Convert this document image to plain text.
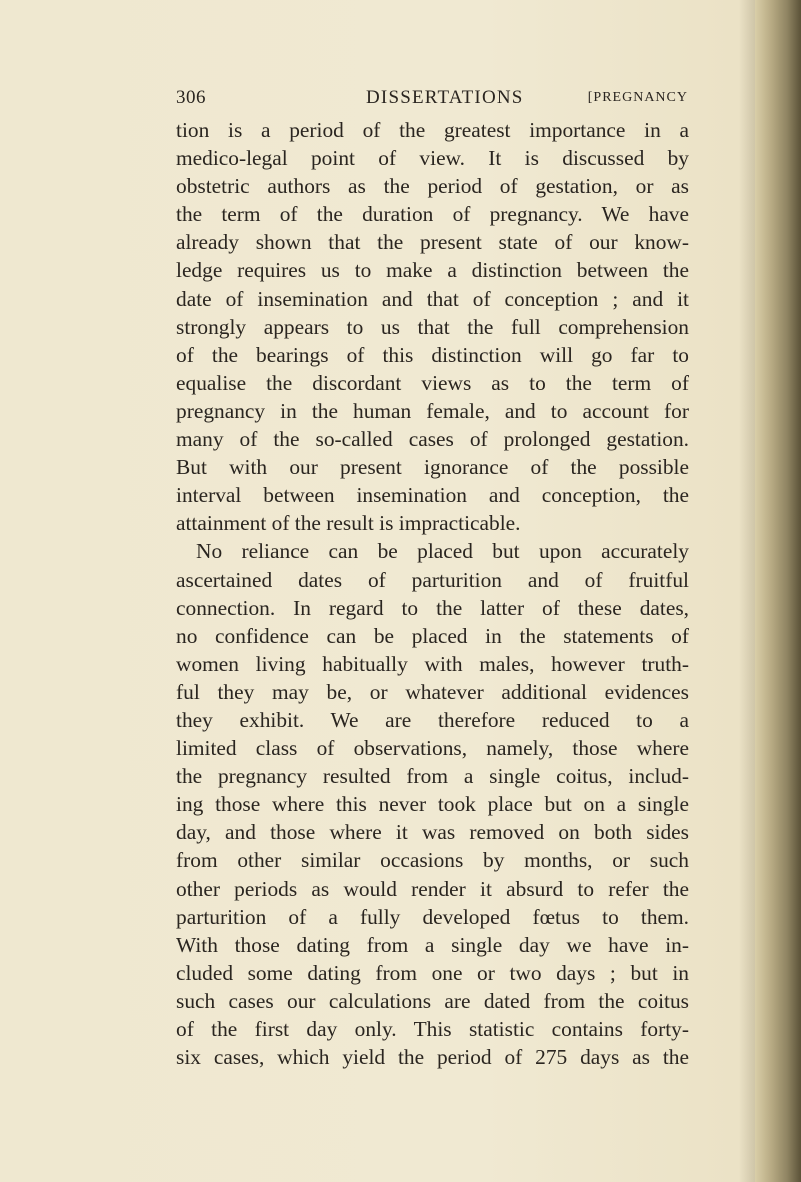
306	DISSERTATIONS	[PREGNANCY
tion is a period of the greatest importance in a
medico-legal point of view. It is discussed by
obstetric authors as the period of gestation, or as
the term of the duration of pregnancy. We have
already shown that the present state of our know-
ledge requires us to make a distinction between the
date of insemination and that of conception ; and it
strongly appears to us that the full comprehension
of the bearings of this distinction will go far to
equalise the discordant views as to the term of
pregnancy in the human female, and to account for
many of the so-called cases of prolonged gestation.
But with our present ignorance of the possible
interval between insemination and conception, the
attainment of the result is impracticable.
No reliance can be placed but upon accurately
ascertained dates of parturition and of fruitful
connection. In regard to the latter of these dates,
no confidence can be placed in the statements of
women living habitually with males, however truth-
ful they may be, or whatever additional evidences
they exhibit. We are therefore reduced to a
limited class of observations, namely, those where
the pregnancy resulted from a single coitus, includ-
ing those where this never took place but on a single
day, and those where it was removed on both sides
from other similar occasions by months, or such
other periods as would render it absurd to refer the
parturition of a fully developed fœtus to them.
With those dating from a single day we have in-
cluded some dating from one or two days ; but in
such cases our calculations are dated from the coitus
of the first day only. This statistic contains forty-
six cases, which yield the period of 275 days as the
